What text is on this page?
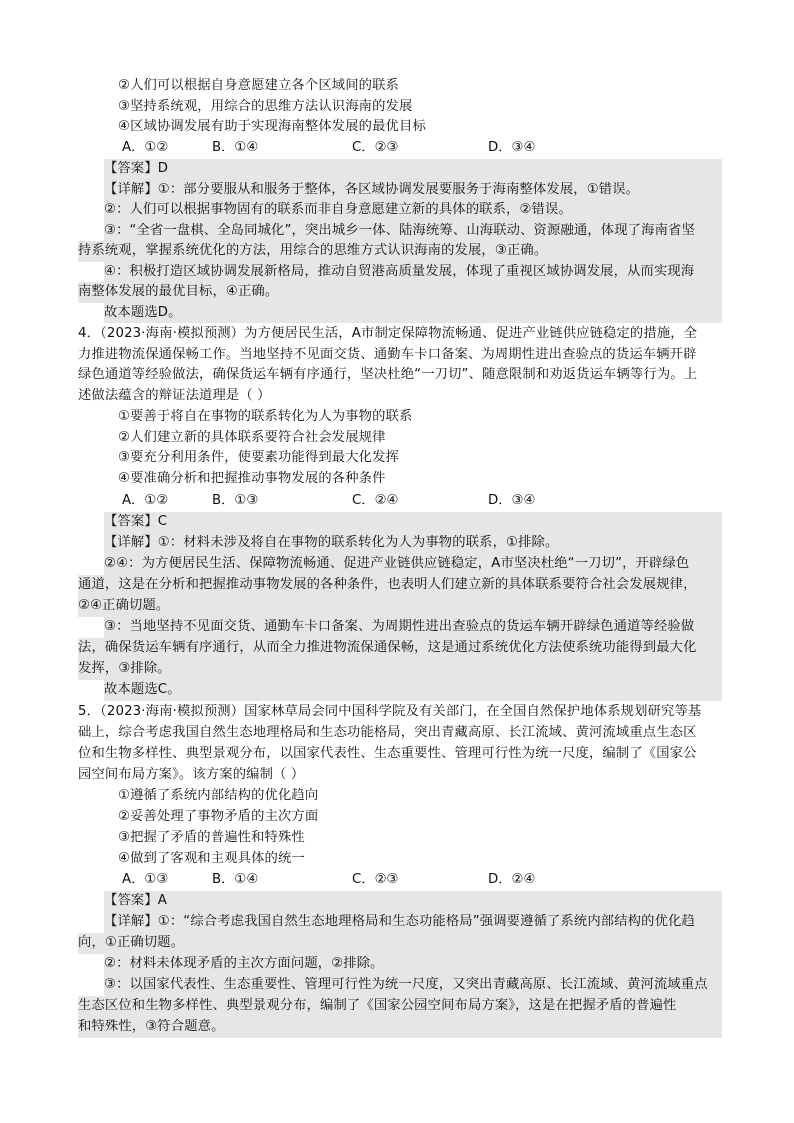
②人们可以根据自身意愿建立各个区域间的联系
③坚持系统观，用综合的思维方法认识海南的发展
④区域协调发展有助于实现海南整体发展的最优目标
A．①②	B．①④	C．②③	D．③④
【答案】D
【详解】①：部分要服从和服务于整体，各区域协调发展要服务于海南整体发展，①错误。
②：人们可以根据事物固有的联系而非自身意愿建立新的具体的联系，②错误。
③：“全省一盘棋、全岛同城化”，突出城乡一体、陆海统筹、山海联动、资源融通，体现了海南省坚
持系统观，掌握系统优化的方法，用综合的思维方式认识海南的发展，③正确。
④：积极打造区域协调发展新格局，推动自贸港高质量发展，体现了重视区域协调发展，从而实现海
南整体发展的最优目标，④正确。
故本题选D。
4．（2023·海南·模拟预测）为方便居民生活，A市制定保障物流畅通、促进产业链供应链稳定的措施，全
力推进物流保通保畅工作。当地坚持不见面交货、通勤车卡口备案、为周期性进出查验点的货运车辆开辟
绿色通道等经验做法，确保货运车辆有序通行，坚决杜绝“一刀切”、随意限制和劝返货运车辆等行为。上
述做法蕴含的辩证法道理是（ ）
①要善于将自在事物的联系转化为人为事物的联系
②人们建立新的具体联系要符合社会发展规律
③要充分利用条件，使要素功能得到最大化发挥
④要准确分析和把握推动事物发展的各种条件
A．①②	B．①③	C．②④	D．③④
【答案】C
【详解】①：材料未涉及将自在事物的联系转化为人为事物的联系，①排除。
②④：为方便居民生活、保障物流畅通、促进产业链供应链稳定，A市坚决杜绝“一刀切”，开辟绿色
通道，这是在分析和把握推动事物发展的各种条件，也表明人们建立新的具体联系要符合社会发展规律，
②④正确切题。
③：当地坚持不见面交货、通勤车卡口备案、为周期性进出查验点的货运车辆开辟绿色通道等经验做
法，确保货运车辆有序通行，从而全力推进物流保通保畅，这是通过系统优化方法使系统功能得到最大化
发挥，③排除。
故本题选C。
5．（2023·海南·模拟预测）国家林草局会同中国科学院及有关部门，在全国自然保护地体系规划研究等基
础上，综合考虑我国自然生态地理格局和生态功能格局，突出青藏高原、长江流域、黄河流域重点生态区
位和生物多样性、典型景观分布，以国家代表性、生态重要性、管理可行性为统一尺度，编制了《国家公
园空间布局方案》。该方案的编制（ ）
①遵循了系统内部结构的优化趋向
②妥善处理了事物矛盾的主次方面
③把握了矛盾的普遍性和特殊性
④做到了客观和主观具体的统一
A．①③	B．①④	C．②③	D．②④
【答案】A
【详解】①：“综合考虑我国自然生态地理格局和生态功能格局”强调要遵循了系统内部结构的优化趋
向，①正确切题。
②：材料未体现矛盾的主次方面问题，②排除。
③：以国家代表性、生态重要性、管理可行性为统一尺度，又突出青藏高原、长江流域、黄河流域重点
生态区位和生物多样性、典型景观分布，编制了《国家公园空间布局方案》，这是在把握矛盾的普遍性
和特殊性，③符合题意。
